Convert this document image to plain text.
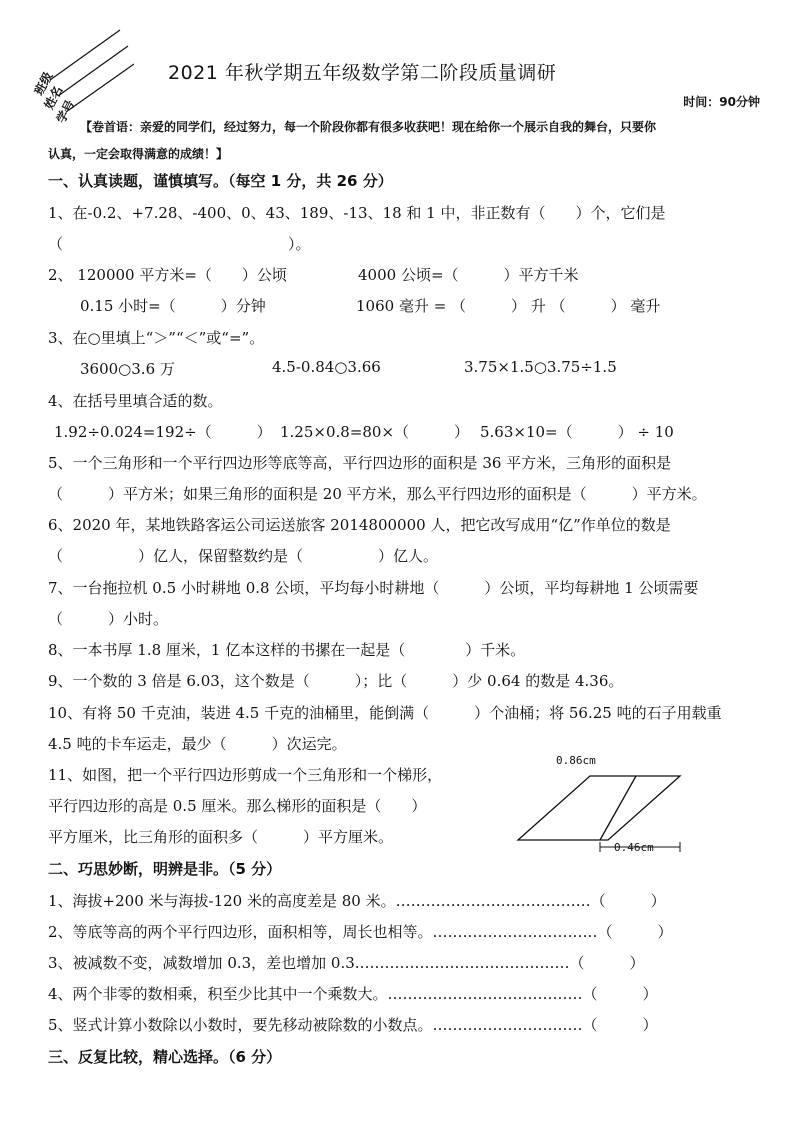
班级
姓名
学号
2021 年秋学期五年级数学第二阶段质量调研
时间：90分钟
【卷首语：亲爱的同学们，经过努力，每一个阶段你都有很多收获吧！现在给你一个展示自我的舞台，只要你
认真，一定会取得满意的成绩！】
一、认真读题，谨慎填写。（每空 1 分，共 26 分）
1、在-0.2、+7.28、-400、0、43、189、-13、18 和 1 中，非正数有（　　）个，它们是
（　　　　　　　　　　　　　　　）。
2、 120000 平方米=（　　）公顷	4000 公顷=（　　　）平方千米
0.15 小时=（　　　）分钟	1060 毫升 = （　　　） 升 （　　　） 毫升
3、在○里填上“＞”“＜”或“=”。
3600○3.6 万	4.5-0.84○3.66	3.75×1.5○3.75÷1.5
4、在括号里填合适的数。
1.92÷0.024=192÷（　　　） 1.25×0.8=80×（　　　） 5.63×10=（　　　） ÷ 10
5、一个三角形和一个平行四边形等底等高，平行四边形的面积是 36 平方米，三角形的面积是
（　　　）平方米；如果三角形的面积是 20 平方米，那么平行四边形的面积是（　　　）平方米。
6、2020 年，某地铁路客运公司运送旅客 2014800000 人，把它改写成用“亿”作单位的数是
（　　　　　）亿人，保留整数约是（　　　　　）亿人。
7、一台拖拉机 0.5 小时耕地 0.8 公顷，平均每小时耕地（　　　）公顷，平均每耕地 1 公顷需要
（　　　）小时。
8、一本书厚 1.8 厘米，1 亿本这样的书摞在一起是（　　　　）千米。
9、一个数的 3 倍是 6.03，这个数是（　　　）；比（　　　）少 0.64 的数是 4.36。
10、有将 50 千克油，装进 4.5 千克的油桶里，能倒满（　　　）个油桶；将 56.25 吨的石子用载重
4.5 吨的卡车运走，最少（　　　）次运完。
11、如图，把一个平行四边形剪成一个三角形和一个梯形，
平行四边形的高是 0.5 厘米。那么梯形的面积是（　　）
平方厘米，比三角形的面积多（　　　）平方厘米。
0.86cm
0.46cm
二、巧思妙断，明辨是非。（5 分）
1、海拔+200 米与海拔-120 米的高度差是 80 米。…………………………………（　　　）
2、等底等高的两个平行四边形，面积相等，周长也相等。……………………………（　　　）
3、被减数不变，减数增加 0.3，差也增加 0.3.……………………………………（　　　）
4、两个非零的数相乘，积至少比其中一个乘数大。…………………………………（　　　）
5、竖式计算小数除以小数时，要先移动被除数的小数点。…………………………（　　　）
三、反复比较，精心选择。（6 分）
